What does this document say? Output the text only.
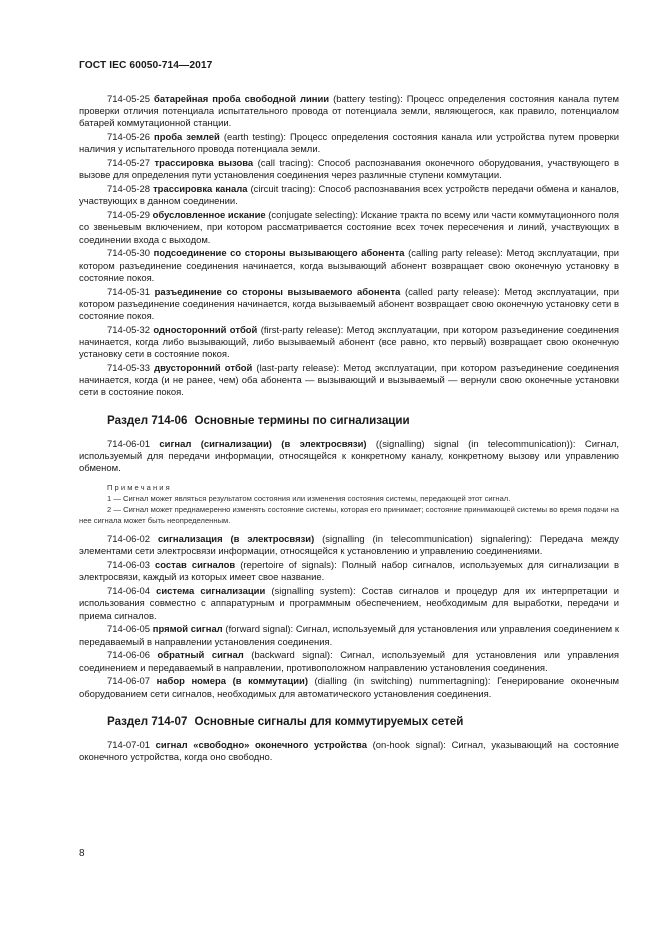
ГОСТ IEC 60050-714—2017

714-05-25 батарейная проба свободной линии (battery testing): Процесс определения состояния канала путем проверки отличия потенциала испытательного провода от потенциала земли, являющегося, как правило, потенциалом батарей коммутационной станции.

714-05-26 проба землей (earth testing): Процесс определения состояния канала или устройства путем проверки наличия у испытательного провода потенциала земли.

714-05-27 трассировка вызова (call tracing): Способ распознавания оконечного оборудования, участвующего в вызове для определения пути установления соединения через различные ступени коммутации.

714-05-28 трассировка канала (circuit tracing): Способ распознавания всех устройств передачи обмена и каналов, участвующих в данном соединении.

714-05-29 обусловленное искание (conjugate selecting): Искание тракта по всему или части коммутационного поля со звеньевым включением, при котором рассматривается состояние всех точек пересечения и линий, участвующих в соединении входа с выходом.

714-05-30 подсоединение со стороны вызывающего абонента (calling party release): Метод эксплуатации, при котором разъединение соединения начинается, когда вызывающий абонент возвращает свою оконечную установку в состояние покоя.

714-05-31 разъединение со стороны вызываемого абонента (called party release): Метод эксплуатации, при котором разъединение соединения начинается, когда вызываемый абонент возвращает свою оконечную установку сети в состояние покоя.

714-05-32 односторонний отбой (first-party release): Метод эксплуатации, при котором разъединение соединения начинается, когда либо вызывающий, либо вызываемый абонент (все равно, кто первый) возвращает свою оконечную установку сети в состояние покоя.

714-05-33 двусторонний отбой (last-party release): Метод эксплуатации, при котором разъединение соединения начинается, когда (и не ранее, чем) оба абонента — вызывающий и вызываемый — вернули свою оконечные установки сети в состояние покоя.

Раздел 714-06 Основные термины по сигнализации

714-06-01 сигнал (сигнализации) (в электросвязи) ((signalling) signal (in telecommunication)): Сигнал, используемый для передачи информации, относящейся к конкретному каналу, конкретному вызову или управлению обменом.

Примечания

1 — Сигнал может являться результатом состояния или изменения состояния системы, передающей этот сигнал.

2 — Сигнал может преднамеренно изменять состояние системы, которая его принимает; состояние принимающей системы во время подачи на нее сигнала может быть неопределенным.

714-06-02 сигнализация (в электросвязи) (signalling (in telecommunication) signalering): Передача между элементами сети электросвязи информации, относящейся к установлению и управлению соединениями.

714-06-03 состав сигналов (repertoire of signals): Полный набор сигналов, используемых для сигнализации в электросвязи, каждый из которых имеет свое название.

714-06-04 система сигнализации (signalling system): Состав сигналов и процедур для их интерпретации и использования совместно с аппаратурным и программным обеспечением, необходимым для выработки, передачи и приема сигналов.

714-06-05 прямой сигнал (forward signal): Сигнал, используемый для установления или управления соединением к передаваемый в направлении установления соединения.

714-06-06 обратный сигнал (backward signal): Сигнал, используемый для установления или управления соединением и передаваемый в направлении, противоположном направлению установления соединения.

714-06-07 набор номера (в коммутации) (dialling (in switching) nummertagning): Генерирование оконечным оборудованием сети сигналов, необходимых для автоматического установления соединения.

Раздел 714-07 Основные сигналы для коммутируемых сетей

714-07-01 сигнал «свободно» оконечного устройства (on-hook signal): Сигнал, указывающий на состояние оконечного устройства, когда оно свободно.

8
